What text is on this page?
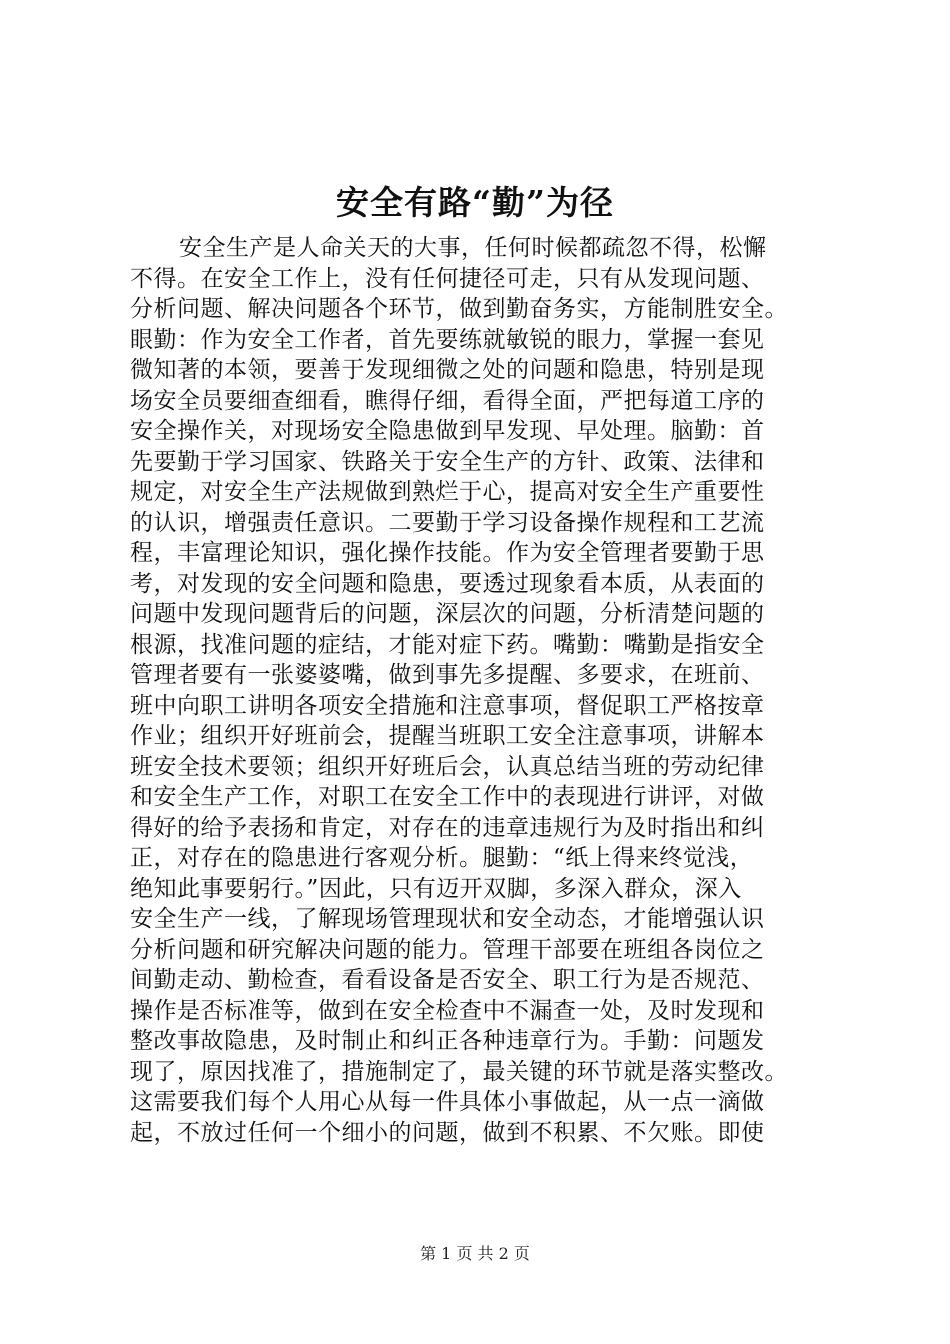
安全有路“勤”为径
安全生产是人命关天的大事，任何时候都疏忽不得，松懈
不得。在安全工作上，没有任何捷径可走，只有从发现问题、
分析问题、解决问题各个环节，做到勤奋务实，方能制胜安全。
眼勤：作为安全工作者，首先要练就敏锐的眼力，掌握一套见
微知著的本领，要善于发现细微之处的问题和隐患，特别是现
场安全员要细查细看，瞧得仔细，看得全面，严把每道工序的
安全操作关，对现场安全隐患做到早发现、早处理。脑勤：首
先要勤于学习国家、铁路关于安全生产的方针、政策、法律和
规定，对安全生产法规做到熟烂于心，提高对安全生产重要性
的认识，增强责任意识。二要勤于学习设备操作规程和工艺流
程，丰富理论知识，强化操作技能。作为安全管理者要勤于思
考，对发现的安全问题和隐患，要透过现象看本质，从表面的
问题中发现问题背后的问题，深层次的问题，分析清楚问题的
根源，找准问题的症结，才能对症下药。嘴勤：嘴勤是指安全
管理者要有一张婆婆嘴，做到事先多提醒、多要求，在班前、
班中向职工讲明各项安全措施和注意事项，督促职工严格按章
作业；组织开好班前会，提醒当班职工安全注意事项，讲解本
班安全技术要领；组织开好班后会，认真总结当班的劳动纪律
和安全生产工作，对职工在安全工作中的表现进行讲评，对做
得好的给予表扬和肯定，对存在的违章违规行为及时指出和纠
正，对存在的隐患进行客观分析。腿勤：“纸上得来终觉浅，
绝知此事要躬行。”因此，只有迈开双脚，多深入群众，深入
安全生产一线，了解现场管理现状和安全动态，才能增强认识
分析问题和研究解决问题的能力。管理干部要在班组各岗位之
间勤走动、勤检查，看看设备是否安全、职工行为是否规范、
操作是否标准等，做到在安全检查中不漏查一处，及时发现和
整改事故隐患，及时制止和纠正各种违章行为。手勤：问题发
现了，原因找准了，措施制定了，最关键的环节就是落实整改。
这需要我们每个人用心从每一件具体小事做起，从一点一滴做
起，不放过任何一个细小的问题，做到不积累、不欠账。即使
第 1 页 共 2 页
